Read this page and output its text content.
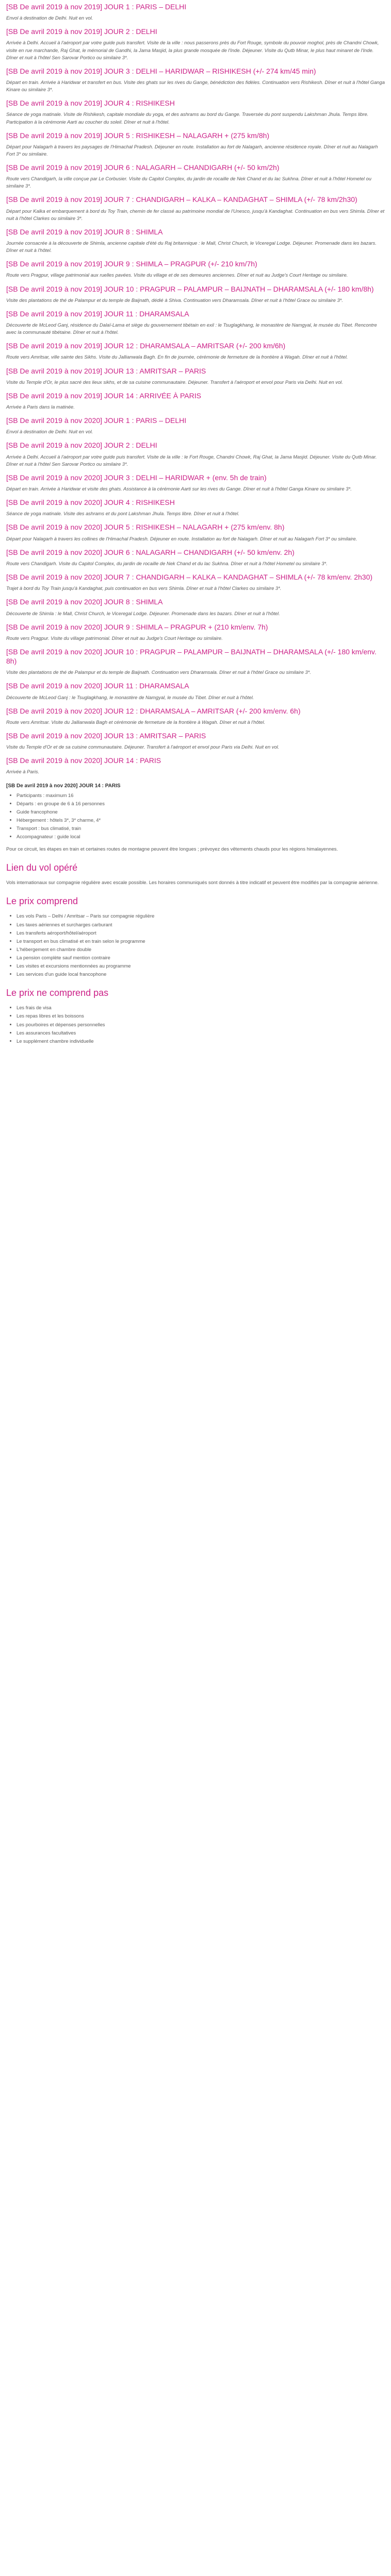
[SB De avril 2019 à nov 2019] JOUR 1 : PARIS – DELHI

Envol à destination de Delhi. Nuit en vol.

[SB De avril 2019 à nov 2019] JOUR 2 : DELHI

Arrivée à Delhi. Accueil à l'aéroport par votre guide puis transfert. Visite de la ville : nous passerons près du Fort Rouge, symbole du pouvoir moghol, près de Chandni Chowk, visite en rue marchande, Raj Ghat, le mémorial de Gandhi, la Jama Masjid, la plus grande mosquée de l'Inde. Déjeuner. Visite du Qutb Minar, le plus haut minaret de l'Inde. Dîner et nuit à l'hôtel Sen Sarovar Portico ou similaire 3*.

[SB De avril 2019 à nov 2019] JOUR 3 : DELHI – HARIDWAR – RISHIKESH (+/- 274 km/45 min)

Départ en train. Arrivée à Haridwar et transfert en bus. Visite des ghats sur les rives du Gange, bénédiction des fidèles. Continuation vers Rishikesh. Dîner et nuit à l'hôtel Ganga Kinare ou similaire 3*.

[SB De avril 2019 à nov 2019] JOUR 4 : RISHIKESH

Séance de yoga matinale. Visite de Rishikesh, capitale mondiale du yoga, et des ashrams au bord du Gange. Traversée du pont suspendu Lakshman Jhula. Temps libre. Participation à la cérémonie Aarti au coucher du soleil. Dîner et nuit à l'hôtel.

[SB De avril 2019 à nov 2019] JOUR 5 : RISHIKESH – NALAGARH + (275 km/8h)

Départ pour Nalagarh à travers les paysages de l'Himachal Pradesh. Déjeuner en route. Installation au fort de Nalagarh, ancienne résidence royale. Dîner et nuit au Nalagarh Fort 3* ou similaire.

[SB De avril 2019 à nov 2019] JOUR 6 : NALAGARH – CHANDIGARH (+/- 50 km/2h)

Route vers Chandigarh, la ville conçue par Le Corbusier. Visite du Capitol Complex, du jardin de rocaille de Nek Chand et du lac Sukhna. Dîner et nuit à l'hôtel Hometel ou similaire 3*.

[SB De avril 2019 à nov 2019] JOUR 7 : CHANDIGARH – KALKA – KANDAGHAT – SHIMLA (+/- 78 km/2h30)

Départ pour Kalka et embarquement à bord du Toy Train, chemin de fer classé au patrimoine mondial de l'Unesco, jusqu'à Kandaghat. Continuation en bus vers Shimla. Dîner et nuit à l'hôtel Clarkes ou similaire 3*.

[SB De avril 2019 à nov 2019] JOUR 8 : SHIMLA

Journée consacrée à la découverte de Shimla, ancienne capitale d'été du Raj britannique : le Mall, Christ Church, le Viceregal Lodge. Déjeuner. Promenade dans les bazars. Dîner et nuit à l'hôtel.

[SB De avril 2019 à nov 2019] JOUR 9 : SHIMLA – PRAGPUR (+/- 210 km/7h)

Route vers Pragpur, village patrimonial aux ruelles pavées. Visite du village et de ses demeures anciennes. Dîner et nuit au Judge's Court Heritage ou similaire.

[SB De avril 2019 à nov 2019] JOUR 10 : PRAGPUR – PALAMPUR – BAIJNATH – DHARAMSALA (+/- 180 km/8h)

Visite des plantations de thé de Palampur et du temple de Baijnath, dédié à Shiva. Continuation vers Dharamsala. Dîner et nuit à l'hôtel Grace ou similaire 3*.

[SB De avril 2019 à nov 2019] JOUR 11 : DHARAMSALA

Découverte de McLeod Ganj, résidence du Dalaï-Lama et siège du gouvernement tibétain en exil : le Tsuglagkhang, le monastère de Namgyal, le musée du Tibet. Rencontre avec la communauté tibétaine. Dîner et nuit à l'hôtel.

[SB De avril 2019 à nov 2019] JOUR 12 : DHARAMSALA – AMRITSAR (+/- 200 km/6h)

Route vers Amritsar, ville sainte des Sikhs. Visite du Jallianwala Bagh. En fin de journée, cérémonie de fermeture de la frontière à Wagah. Dîner et nuit à l'hôtel.

[SB De avril 2019 à nov 2019] JOUR 13 : AMRITSAR – PARIS

Visite du Temple d'Or, le plus sacré des lieux sikhs, et de sa cuisine communautaire. Déjeuner. Transfert à l'aéroport et envol pour Paris via Delhi. Nuit en vol.

[SB De avril 2019 à nov 2019] JOUR 14 : ARRIVÉE À PARIS

Arrivée à Paris dans la matinée.

[SB De avril 2019 à nov 2020] JOUR 1 : PARIS – DELHI

Envol à destination de Delhi. Nuit en vol.

[SB De avril 2019 à nov 2020] JOUR 2 : DELHI

Arrivée à Delhi. Accueil à l'aéroport par votre guide puis transfert. Visite de la ville : le Fort Rouge, Chandni Chowk, Raj Ghat, la Jama Masjid. Déjeuner. Visite du Qutb Minar. Dîner et nuit à l'hôtel Sen Sarovar Portico ou similaire 3*.

[SB De avril 2019 à nov 2020] JOUR 3 : DELHI – HARIDWAR + (env. 5h de train)

Départ en train. Arrivée à Haridwar et visite des ghats. Assistance à la cérémonie Aarti sur les rives du Gange. Dîner et nuit à l'hôtel Ganga Kinare ou similaire 3*.

[SB De avril 2019 à nov 2020] JOUR 4 : RISHIKESH

Séance de yoga matinale. Visite des ashrams et du pont Lakshman Jhula. Temps libre. Dîner et nuit à l'hôtel.

[SB De avril 2019 à nov 2020] JOUR 5 : RISHIKESH – NALAGARH + (275 km/env. 8h)

Départ pour Nalagarh à travers les collines de l'Himachal Pradesh. Déjeuner en route. Installation au fort de Nalagarh. Dîner et nuit au Nalagarh Fort 3* ou similaire.

[SB De avril 2019 à nov 2020] JOUR 6 : NALAGARH – CHANDIGARH (+/- 50 km/env. 2h)

Route vers Chandigarh. Visite du Capitol Complex, du jardin de rocaille de Nek Chand et du lac Sukhna. Dîner et nuit à l'hôtel Hometel ou similaire 3*.

[SB De avril 2019 à nov 2020] JOUR 7 : CHANDIGARH – KALKA – KANDAGHAT – SHIMLA (+/- 78 km/env. 2h30)

Trajet à bord du Toy Train jusqu'à Kandaghat, puis continuation en bus vers Shimla. Dîner et nuit à l'hôtel Clarkes ou similaire 3*.

[SB De avril 2019 à nov 2020] JOUR 8 : SHIMLA

Découverte de Shimla : le Mall, Christ Church, le Viceregal Lodge. Déjeuner. Promenade dans les bazars. Dîner et nuit à l'hôtel.

[SB De avril 2019 à nov 2020] JOUR 9 : SHIMLA – PRAGPUR + (210 km/env. 7h)

Route vers Pragpur. Visite du village patrimonial. Dîner et nuit au Judge's Court Heritage ou similaire.

[SB De avril 2019 à nov 2020] JOUR 10 : PRAGPUR – PALAMPUR – BAIJNATH – DHARAMSALA (+/- 180 km/env. 8h)

Visite des plantations de thé de Palampur et du temple de Baijnath. Continuation vers Dharamsala. Dîner et nuit à l'hôtel Grace ou similaire 3*.

[SB De avril 2019 à nov 2020] JOUR 11 : DHARAMSALA

Découverte de McLeod Ganj : le Tsuglagkhang, le monastère de Namgyal, le musée du Tibet. Dîner et nuit à l'hôtel.

[SB De avril 2019 à nov 2020] JOUR 12 : DHARAMSALA – AMRITSAR (+/- 200 km/env. 6h)

Route vers Amritsar. Visite du Jallianwala Bagh et cérémonie de fermeture de la frontière à Wagah. Dîner et nuit à l'hôtel.

[SB De avril 2019 à nov 2020] JOUR 13 : AMRITSAR – PARIS

Visite du Temple d'Or et de sa cuisine communautaire. Déjeuner. Transfert à l'aéroport et envol pour Paris via Delhi. Nuit en vol.

[SB De avril 2019 à nov 2020] JOUR 14 : PARIS

Arrivée à Paris.

[SB De avril 2019 à nov 2020] JOUR 14 : PARIS
• Participants : maximum 16
• Départs : en groupe de 6 à 16 personnes
• Guide francophone
• Hébergement : hôtels 3*, 3* charme, 4*
• Transport : bus climatisé, train
• Accompagnateur : guide local

Pour ce circuit, les étapes en train et certaines routes de montagne peuvent être longues ; prévoyez des vêtements chauds pour les régions himalayennes.

Lien du vol opéré

Vols internationaux sur compagnie régulière avec escale possible. Les horaires communiqués sont donnés à titre indicatif et peuvent être modifiés par la compagnie aérienne.

Le prix comprend
• Les vols Paris – Delhi / Amritsar – Paris sur compagnie régulière
• Les taxes aériennes et surcharges carburant
• Les transferts aéroport/hôtel/aéroport
• Le transport en bus climatisé et en train selon le programme
• L'hébergement en chambre double
• La pension complète sauf mention contraire
• Les visites et excursions mentionnées au programme
• Les services d'un guide local francophone
Le prix ne comprend pas
• Les frais de visa
• Les repas libres et les boissons
• Les pourboires et dépenses personnelles
• Les assurances facultatives
• Le supplément chambre individuelle
